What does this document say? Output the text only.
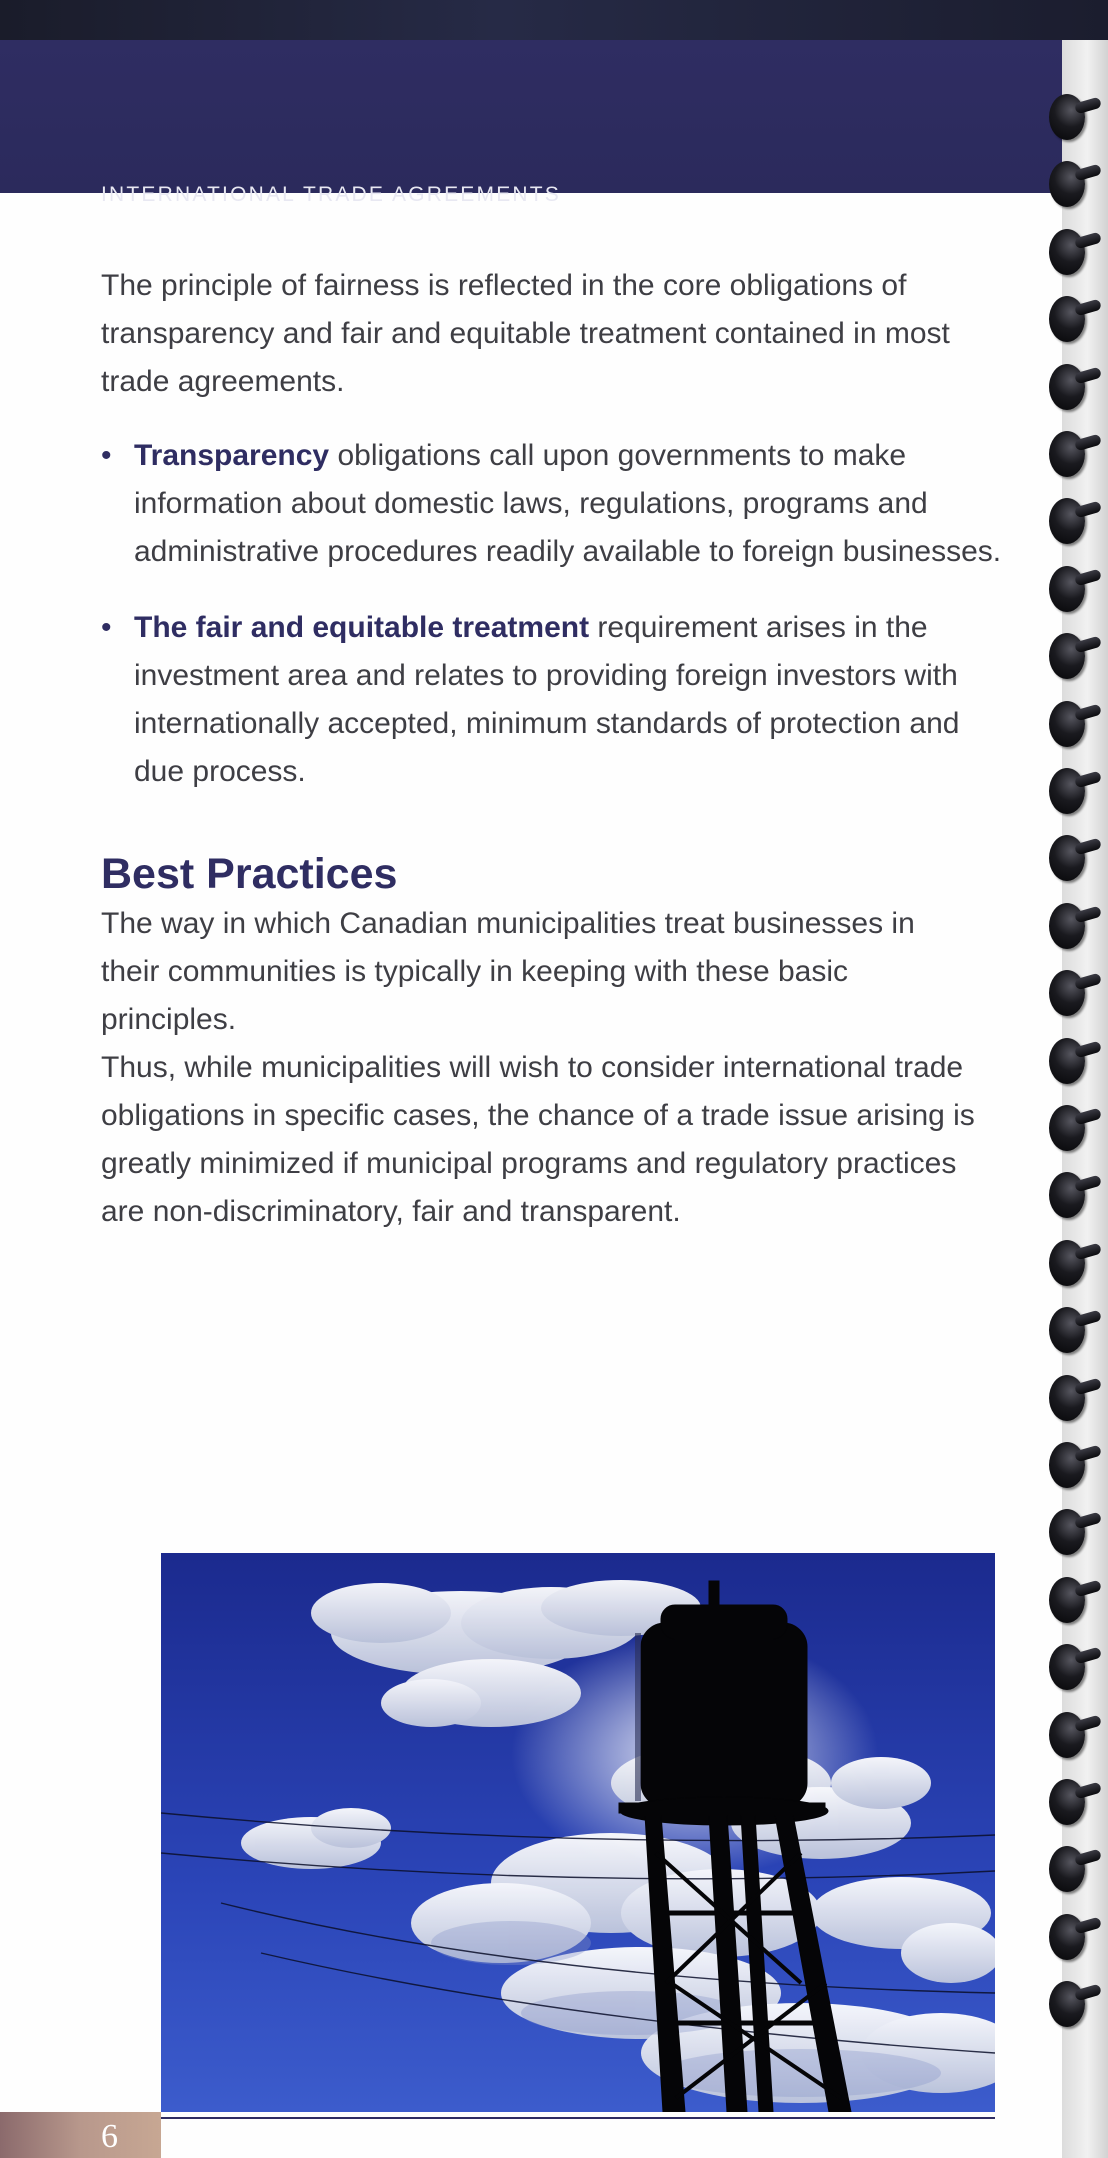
INTERNATIONAL TRADE AGREEMENTS

The principle of fairness is reflected in the core obligations of transparency and fair and equitable treatment contained in most trade agreements.

• Transparency obligations call upon governments to make information about domestic laws, regulations, programs and administrative procedures readily available to foreign businesses.
• The fair and equitable treatment requirement arises in the investment area and relates to providing foreign investors with internationally accepted, minimum standards of protection and due process.
Best Practices

The way in which Canadian municipalities treat businesses in their communities is typically in keeping with these basic principles.

Thus, while municipalities will wish to consider international trade obligations in specific cases, the chance of a trade issue arising is greatly minimized if municipal programs and regulatory practices are non-discriminatory, fair and transparent.

6
